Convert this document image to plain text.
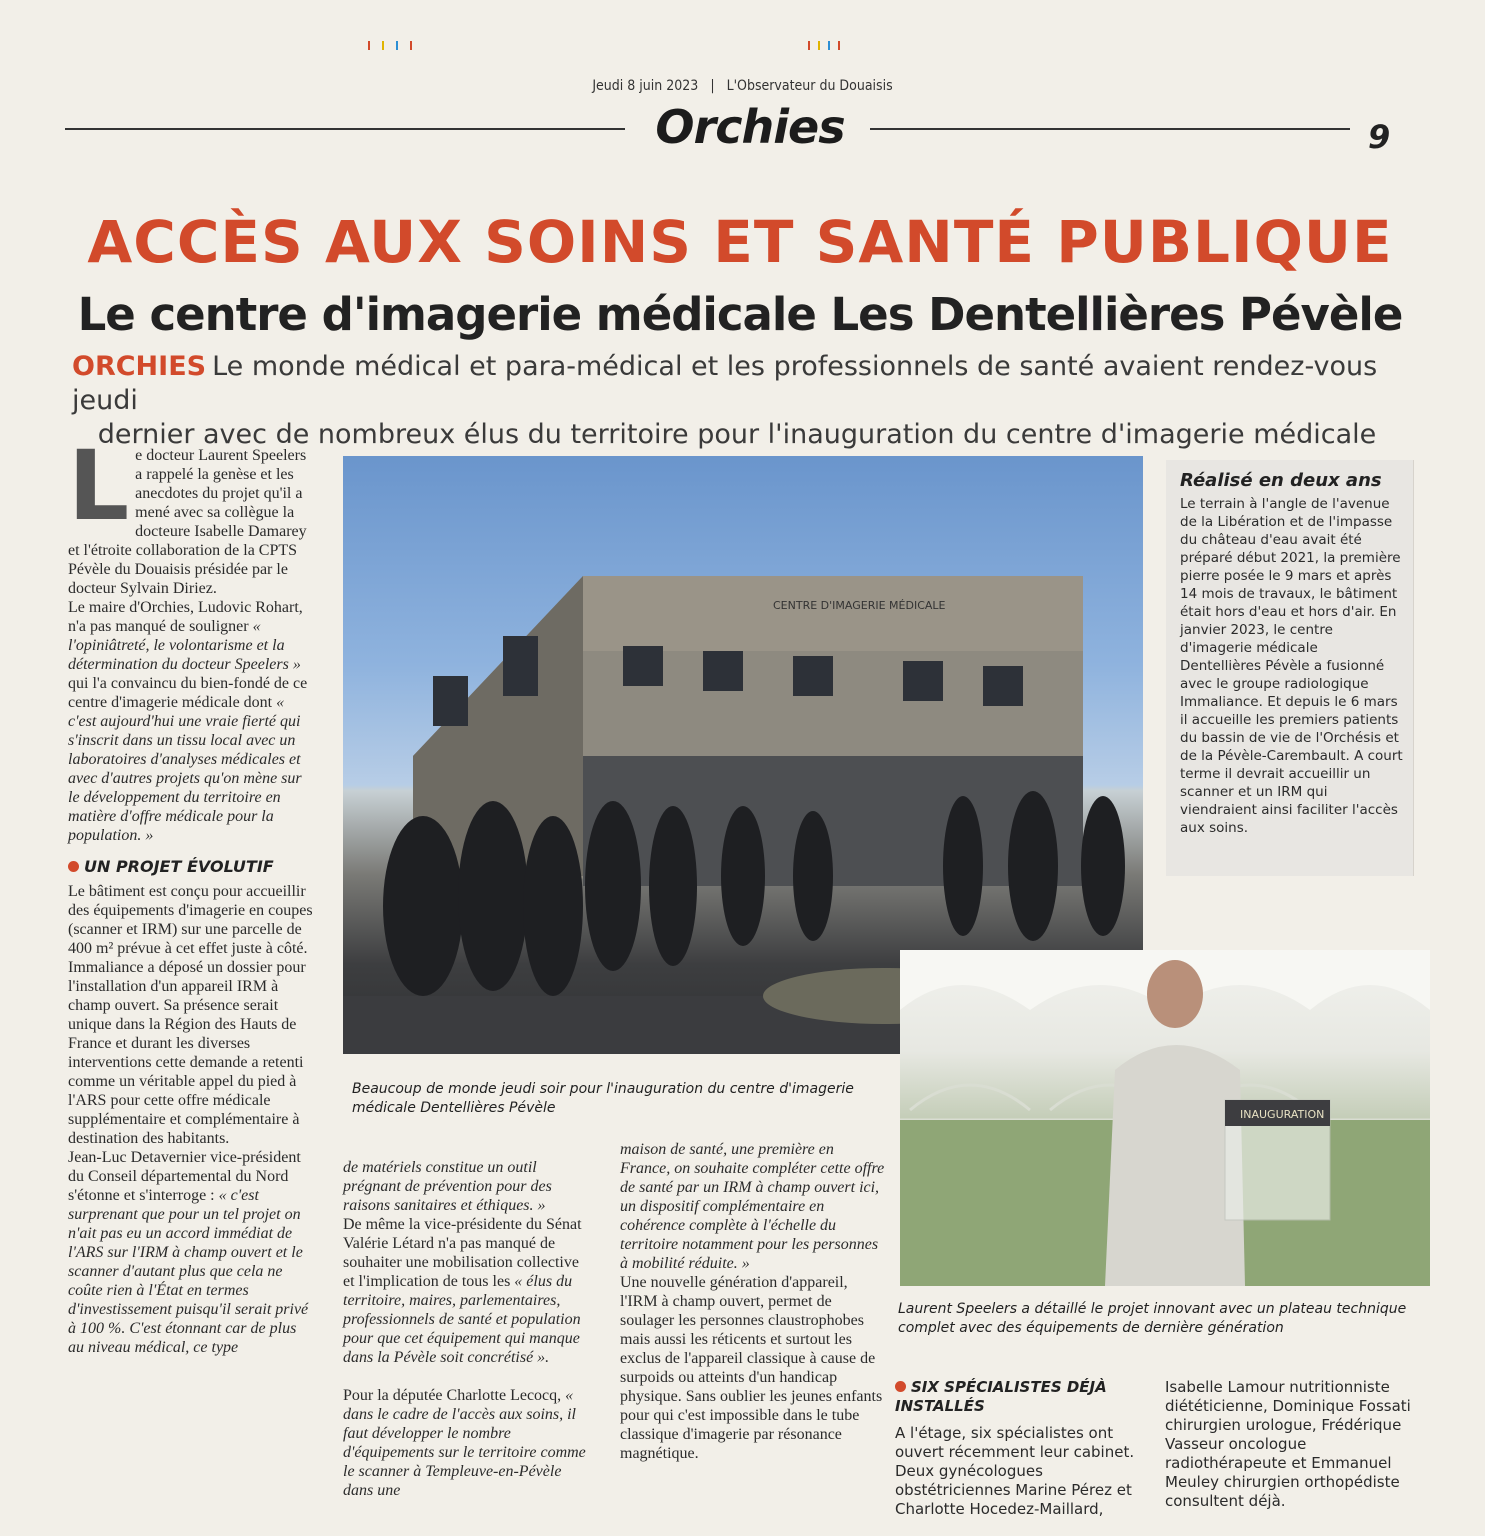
Jeudi 8 juin 2023 | L'Observateur du Douaisis
Orchies	9
ACCÈS AUX SOINS ET SANTÉ PUBLIQUE
Le centre d'imagerie médicale Les Dentellières Pévèle
ORCHIES Le monde médical et para-médical et les professionnels de santé avaient rendez-vous jeudi
dernier avec de nombreux élus du territoire pour l'inauguration du centre d'imagerie médicale

Le docteur Laurent Speelers a rappelé la genèse et les anecdotes du projet qu'il a mené avec sa collègue la docteure Isabelle Damarey et l'étroite collaboration de la CPTS Pévèle du Douaisis présidée par le docteur Sylvain Diriez.

Le maire d'Orchies, Ludovic Rohart, n'a pas manqué de souligner « l'opiniâtreté, le volontarisme et la détermination du docteur Speelers » qui l'a convaincu du bien-fondé de ce centre d'imagerie médicale dont « c'est aujourd'hui une vraie fierté qui s'inscrit dans un tissu local avec un laboratoires d'analyses médicales et avec d'autres projets qu'on mène sur le développement du territoire en matière d'offre médicale pour la population. »

UN PROJET ÉVOLUTIF

Le bâtiment est conçu pour accueillir des équipements d'imagerie en coupes (scanner et IRM) sur une parcelle de 400 m² prévue à cet effet juste à côté. Immaliance a déposé un dossier pour l'installation d'un appareil IRM à champ ouvert. Sa présence serait unique dans la Région des Hauts de France et durant les diverses interventions cette demande a retenti comme un véritable appel du pied à l'ARS pour cette offre médicale supplémentaire et complémentaire à destination des habitants.

Jean-Luc Detavernier vice-président du Conseil départemental du Nord s'étonne et s'interroge : « c'est surprenant que pour un tel projet on n'ait pas eu un accord immédiat de l'ARS sur l'IRM à champ ouvert et le scanner d'autant plus que cela ne coûte rien à l'État en termes d'investissement puisqu'il serait privé à 100 %. C'est étonnant car de plus au niveau médical, ce type

CENTRE D'IMAGERIE MÉDICALE
Beaucoup de monde jeudi soir pour l'inauguration du centre d'imagerie médicale Dentellières Pévèle
Réalisé en deux ans
Le terrain à l'angle de l'avenue de la Libération et de l'impasse du château d'eau avait été préparé début 2021, la première pierre posée le 9 mars et après 14 mois de travaux, le bâtiment était hors d'eau et hors d'air. En janvier 2023, le centre d'imagerie médicale Dentellières Pévèle a fusionné avec le groupe radiologique Immaliance. Et depuis le 6 mars il accueille les premiers patients du bassin de vie de l'Orchésis et de la Pévèle-Carembault. A court terme il devrait accueillir un scanner et un IRM qui viendraient ainsi faciliter l'accès aux soins.

de matériels constitue un outil prégnant de prévention pour des raisons sanitaires et éthiques. »

De même la vice-présidente du Sénat Valérie Létard n'a pas manqué de souhaiter une mobilisation collective et l'implication de tous les « élus du territoire, maires, parlementaires, professionnels de santé et population pour que cet équipement qui manque dans la Pévèle soit concrétisé ».

Pour la députée Charlotte Lecocq, « dans le cadre de l'accès aux soins, il faut développer le nombre d'équipements sur le territoire comme le scanner à Templeuve-en-Pévèle dans une

maison de santé, une première en France, on souhaite compléter cette offre de santé par un IRM à champ ouvert ici, un dispositif complémentaire en cohérence complète à l'échelle du territoire notamment pour les personnes à mobilité réduite. »

Une nouvelle génération d'appareil, l'IRM à champ ouvert, permet de soulager les personnes claustrophobes mais aussi les réticents et surtout les exclus de l'appareil classique à cause de surpoids ou atteints d'un handicap physique. Sans oublier les jeunes enfants pour qui c'est impossible dans le tube classique d'imagerie par résonance magnétique.

INAUGURATION
Laurent Speelers a détaillé le projet innovant avec un plateau technique complet avec des équipements de dernière génération
SIX SPÉCIALISTES DÉJÀ INSTALLÉS

A l'étage, six spécialistes ont ouvert récemment leur cabinet. Deux gynécologues obstétriciennes Marine Pérez et Charlotte Hocedez-Maillard,

Isabelle Lamour nutritionniste diététicienne, Dominique Fossati chirurgien urologue, Frédérique Vasseur oncologue radiothérapeute et Emmanuel Meuley chirurgien orthopédiste consultent déjà.
